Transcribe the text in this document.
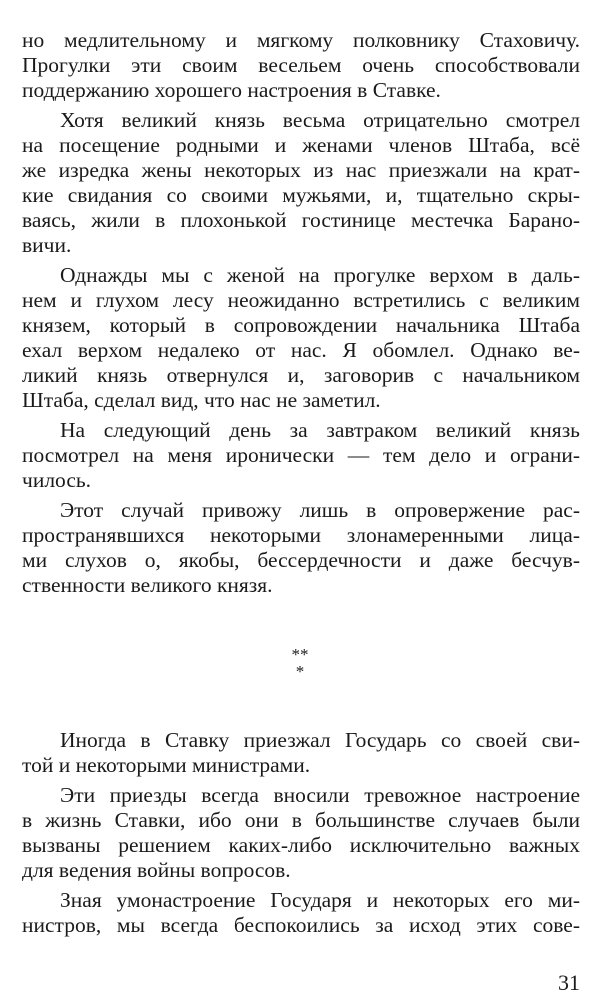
но медлительному и мягкому полковнику Стаховичу.
Прогулки эти своим весельем очень способствовали
поддержанию хорошего настроения в Ставке.
Хотя великий князь весьма отрицательно смотрел
на посещение родными и женами членов Штаба, всё
же изредка жены некоторых из нас приезжали на крат-
кие свидания со своими мужьями, и, тщательно скры-
ваясь, жили в плохонькой гостинице местечка Барано-
вичи.
Однажды мы с женой на прогулке верхом в даль-
нем и глухом лесу неожиданно встретились с великим
князем, который в сопровождении начальника Штаба
ехал верхом недалеко от нас. Я обомлел. Однако ве-
ликий князь отвернулся и, заговорив с начальником
Штаба, сделал вид, что нас не заметил.
На следующий день за завтраком великий князь
посмотрел на меня иронически — тем дело и ограни-
чилось.
Этот случай привожу лишь в опровержение рас-
пространявшихся некоторыми злонамеренными лица-
ми слухов о, якобы, бессердечности и даже бесчув-
ственности великого князя.
**
*
Иногда в Ставку приезжал Государь со своей сви-
той и некоторыми министрами.
Эти приезды всегда вносили тревожное настроение
в жизнь Ставки, ибо они в большинстве случаев были
вызваны решением каких-либо исключительно важных
для ведения войны вопросов.
Зная умонастроение Государя и некоторых его ми-
нистров, мы всегда беспокоились за исход этих сове-
31
